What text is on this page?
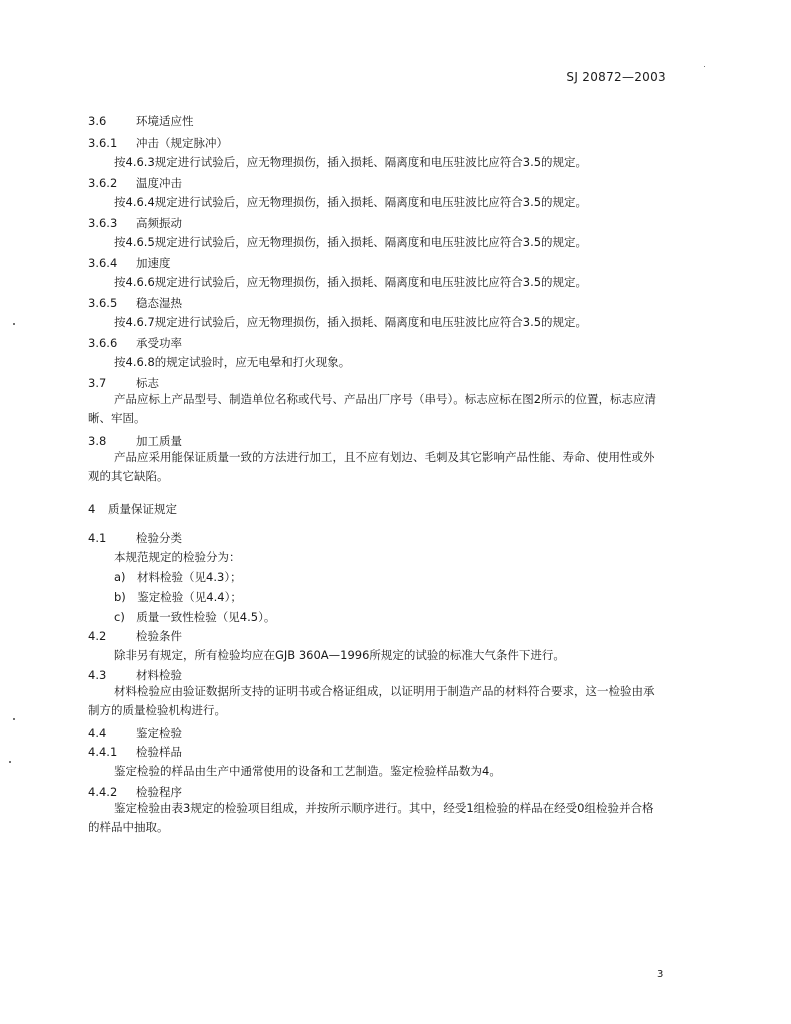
SJ 20872—2003
3.6	环境适应性
3.6.1 冲击（规定脉冲）
按4.6.3规定进行试验后，应无物理损伤，插入损耗、隔离度和电压驻波比应符合3.5的规定。
3.6.2 温度冲击
按4.6.4规定进行试验后，应无物理损伤，插入损耗、隔离度和电压驻波比应符合3.5的规定。
3.6.3 高频振动
按4.6.5规定进行试验后，应无物理损伤，插入损耗、隔离度和电压驻波比应符合3.5的规定。
3.6.4 加速度
按4.6.6规定进行试验后，应无物理损伤，插入损耗、隔离度和电压驻波比应符合3.5的规定。
3.6.5 稳态湿热
按4.6.7规定进行试验后，应无物理损伤，插入损耗、隔离度和电压驻波比应符合3.5的规定。
3.6.6 承受功率
按4.6.8的规定试验时，应无电晕和打火现象。
3.7	标志
产品应标上产品型号、制造单位名称或代号、产品出厂序号（串号）。标志应标在图2所示的位置，标志应清晰、牢固。
3.8	加工质量
产品应采用能保证质量一致的方法进行加工，且不应有划边、毛刺及其它影响产品性能、寿命、使用性或外观的其它缺陷。
4 质量保证规定
4.1	检验分类
本规范规定的检验分为：
a)　材料检验（见4.3）；
b)　鉴定检验（见4.4）；
c)　质量一致性检验（见4.5）。
4.2	检验条件
除非另有规定，所有检验均应在GJB 360A—1996所规定的试验的标准大气条件下进行。
4.3	材料检验
材料检验应由验证数据所支持的证明书或合格证组成，以证明用于制造产品的材料符合要求，这一检验由承制方的质量检验机构进行。
4.4	鉴定检验
4.4.1 检验样品
鉴定检验的样品由生产中通常使用的设备和工艺制造。鉴定检验样品数为4。
4.4.2 检验程序
鉴定检验由表3规定的检验项目组成，并按所示顺序进行。其中，经受1组检验的样品在经受0组检验并合格的样品中抽取。
3
